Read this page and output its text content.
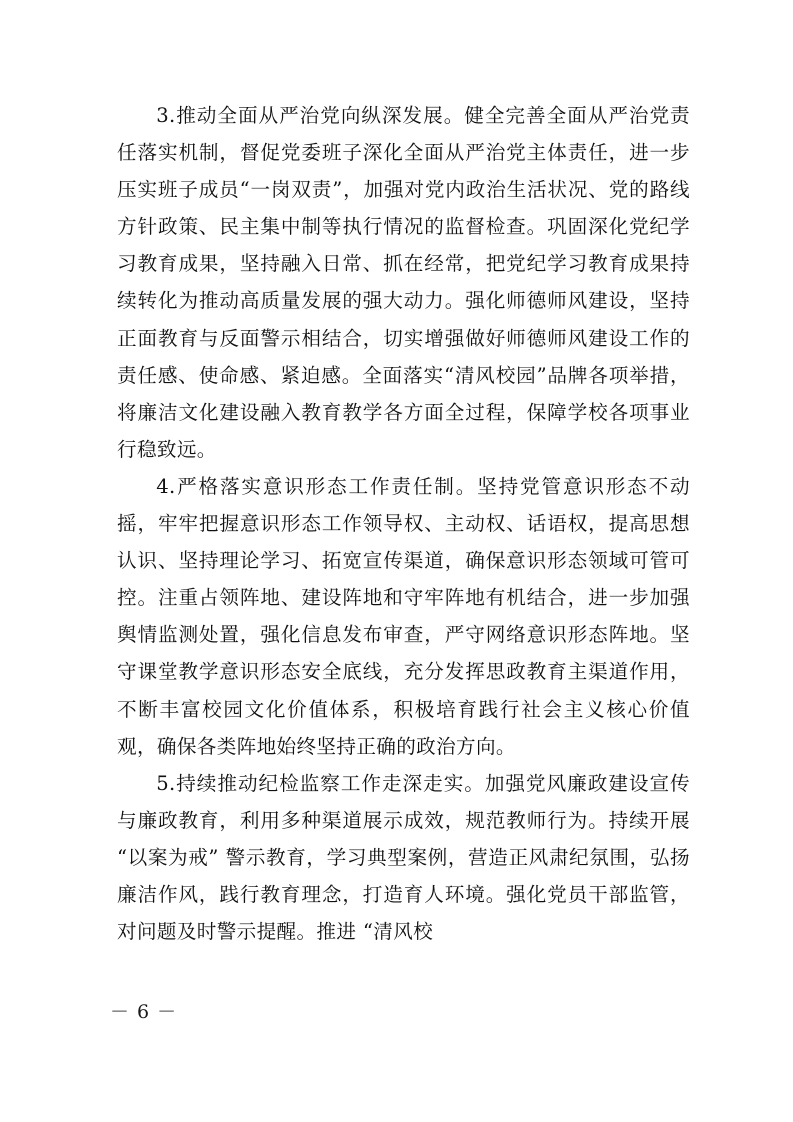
3.推动全面从严治党向纵深发展。健全完善全面从严治党责任落实机制，督促党委班子深化全面从严治党主体责任，进一步压实班子成员“一岗双责”，加强对党内政治生活状况、党的路线方针政策、民主集中制等执行情况的监督检查。巩固深化党纪学习教育成果，坚持融入日常、抓在经常，把党纪学习教育成果持续转化为推动高质量发展的强大动力。强化师德师风建设，坚持正面教育与反面警示相结合，切实增强做好师德师风建设工作的责任感、使命感、紧迫感。全面落实“清风校园”品牌各项举措，将廉洁文化建设融入教育教学各方面全过程，保障学校各项事业行稳致远。

4.严格落实意识形态工作责任制。坚持党管意识形态不动摇，牢牢把握意识形态工作领导权、主动权、话语权，提高思想认识、坚持理论学习、拓宽宣传渠道，确保意识形态领域可管可控。注重占领阵地、建设阵地和守牢阵地有机结合，进一步加强舆情监测处置，强化信息发布审查，严守网络意识形态阵地。坚守课堂教学意识形态安全底线，充分发挥思政教育主渠道作用，不断丰富校园文化价值体系，积极培育践行社会主义核心价值观，确保各类阵地始终坚持正确的政治方向。

5.持续推动纪检监察工作走深走实。加强党风廉政建设宣传与廉政教育，利用多种渠道展示成效，规范教师行为。持续开展 “以案为戒” 警示教育，学习典型案例，营造正风肃纪氛围，弘扬廉洁作风，践行教育理念，打造育人环境。强化党员干部监管，对问题及时警示提醒。推进 “清风校

－ 6 －
